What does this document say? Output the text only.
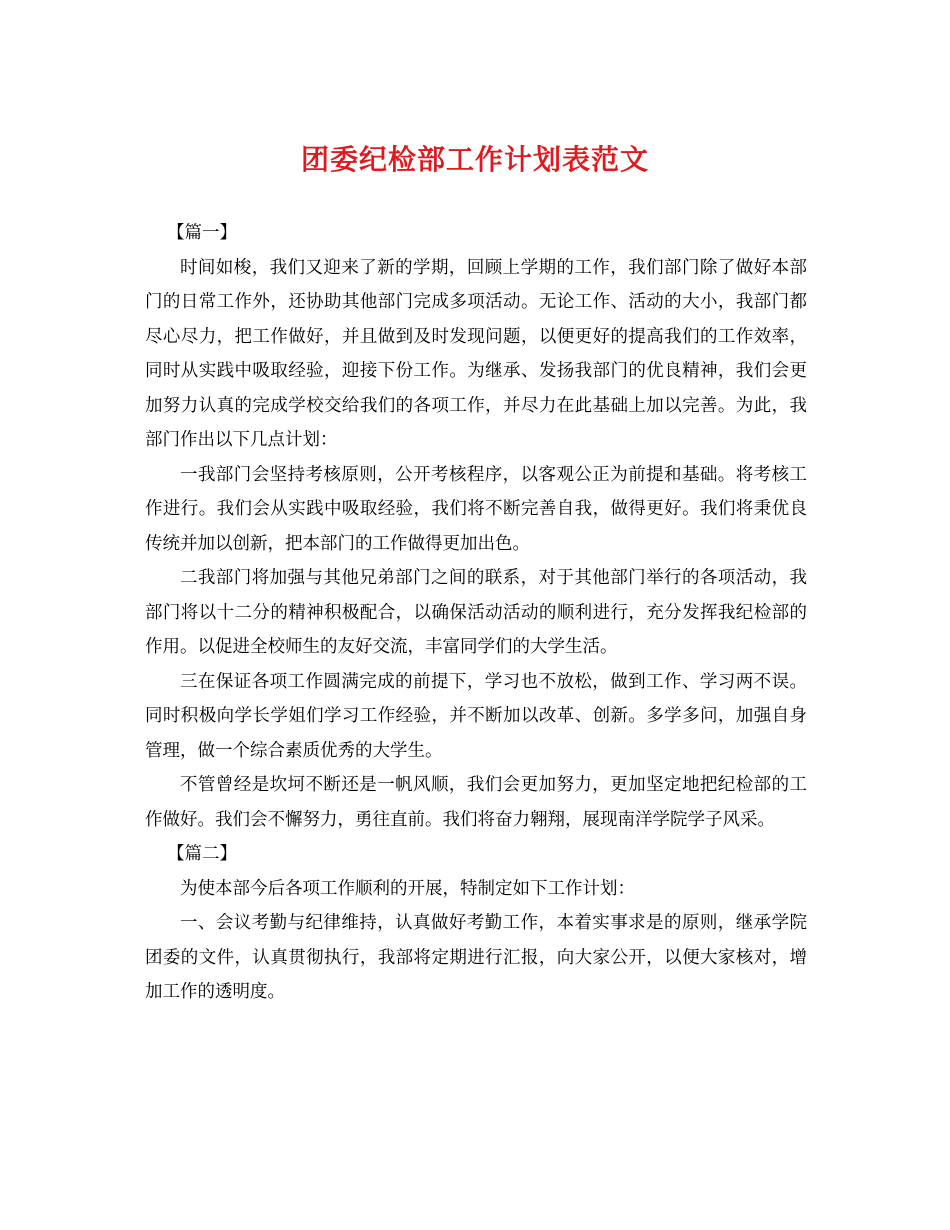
团委纪检部工作计划表范文

【篇一】

时间如梭，我们又迎来了新的学期，回顾上学期的工作，我们部门除了做好本部门的日常工作外，还协助其他部门完成多项活动。无论工作、活动的大小，我部门都尽心尽力，把工作做好，并且做到及时发现问题，以便更好的提高我们的工作效率，同时从实践中吸取经验，迎接下份工作。为继承、发扬我部门的优良精神，我们会更加努力认真的完成学校交给我们的各项工作，并尽力在此基础上加以完善。为此，我部门作出以下几点计划：

一我部门会坚持考核原则，公开考核程序，以客观公正为前提和基础。将考核工作进行。我们会从实践中吸取经验，我们将不断完善自我，做得更好。我们将秉优良传统并加以创新，把本部门的工作做得更加出色。

二我部门将加强与其他兄弟部门之间的联系，对于其他部门举行的各项活动，我部门将以十二分的精神积极配合，以确保活动活动的顺利进行，充分发挥我纪检部的作用。以促进全校师生的友好交流，丰富同学们的大学生活。

三在保证各项工作圆满完成的前提下，学习也不放松，做到工作、学习两不误。同时积极向学长学姐们学习工作经验，并不断加以改革、创新。多学多问，加强自身管理，做一个综合素质优秀的大学生。

不管曾经是坎坷不断还是一帆风顺，我们会更加努力，更加坚定地把纪检部的工作做好。我们会不懈努力，勇往直前。我们将奋力翱翔，展现南洋学院学子风采。

【篇二】

为使本部今后各项工作顺利的开展，特制定如下工作计划：

一、会议考勤与纪律维持，认真做好考勤工作，本着实事求是的原则，继承学院团委的文件，认真贯彻执行，我部将定期进行汇报，向大家公开，以便大家核对，增加工作的透明度。
